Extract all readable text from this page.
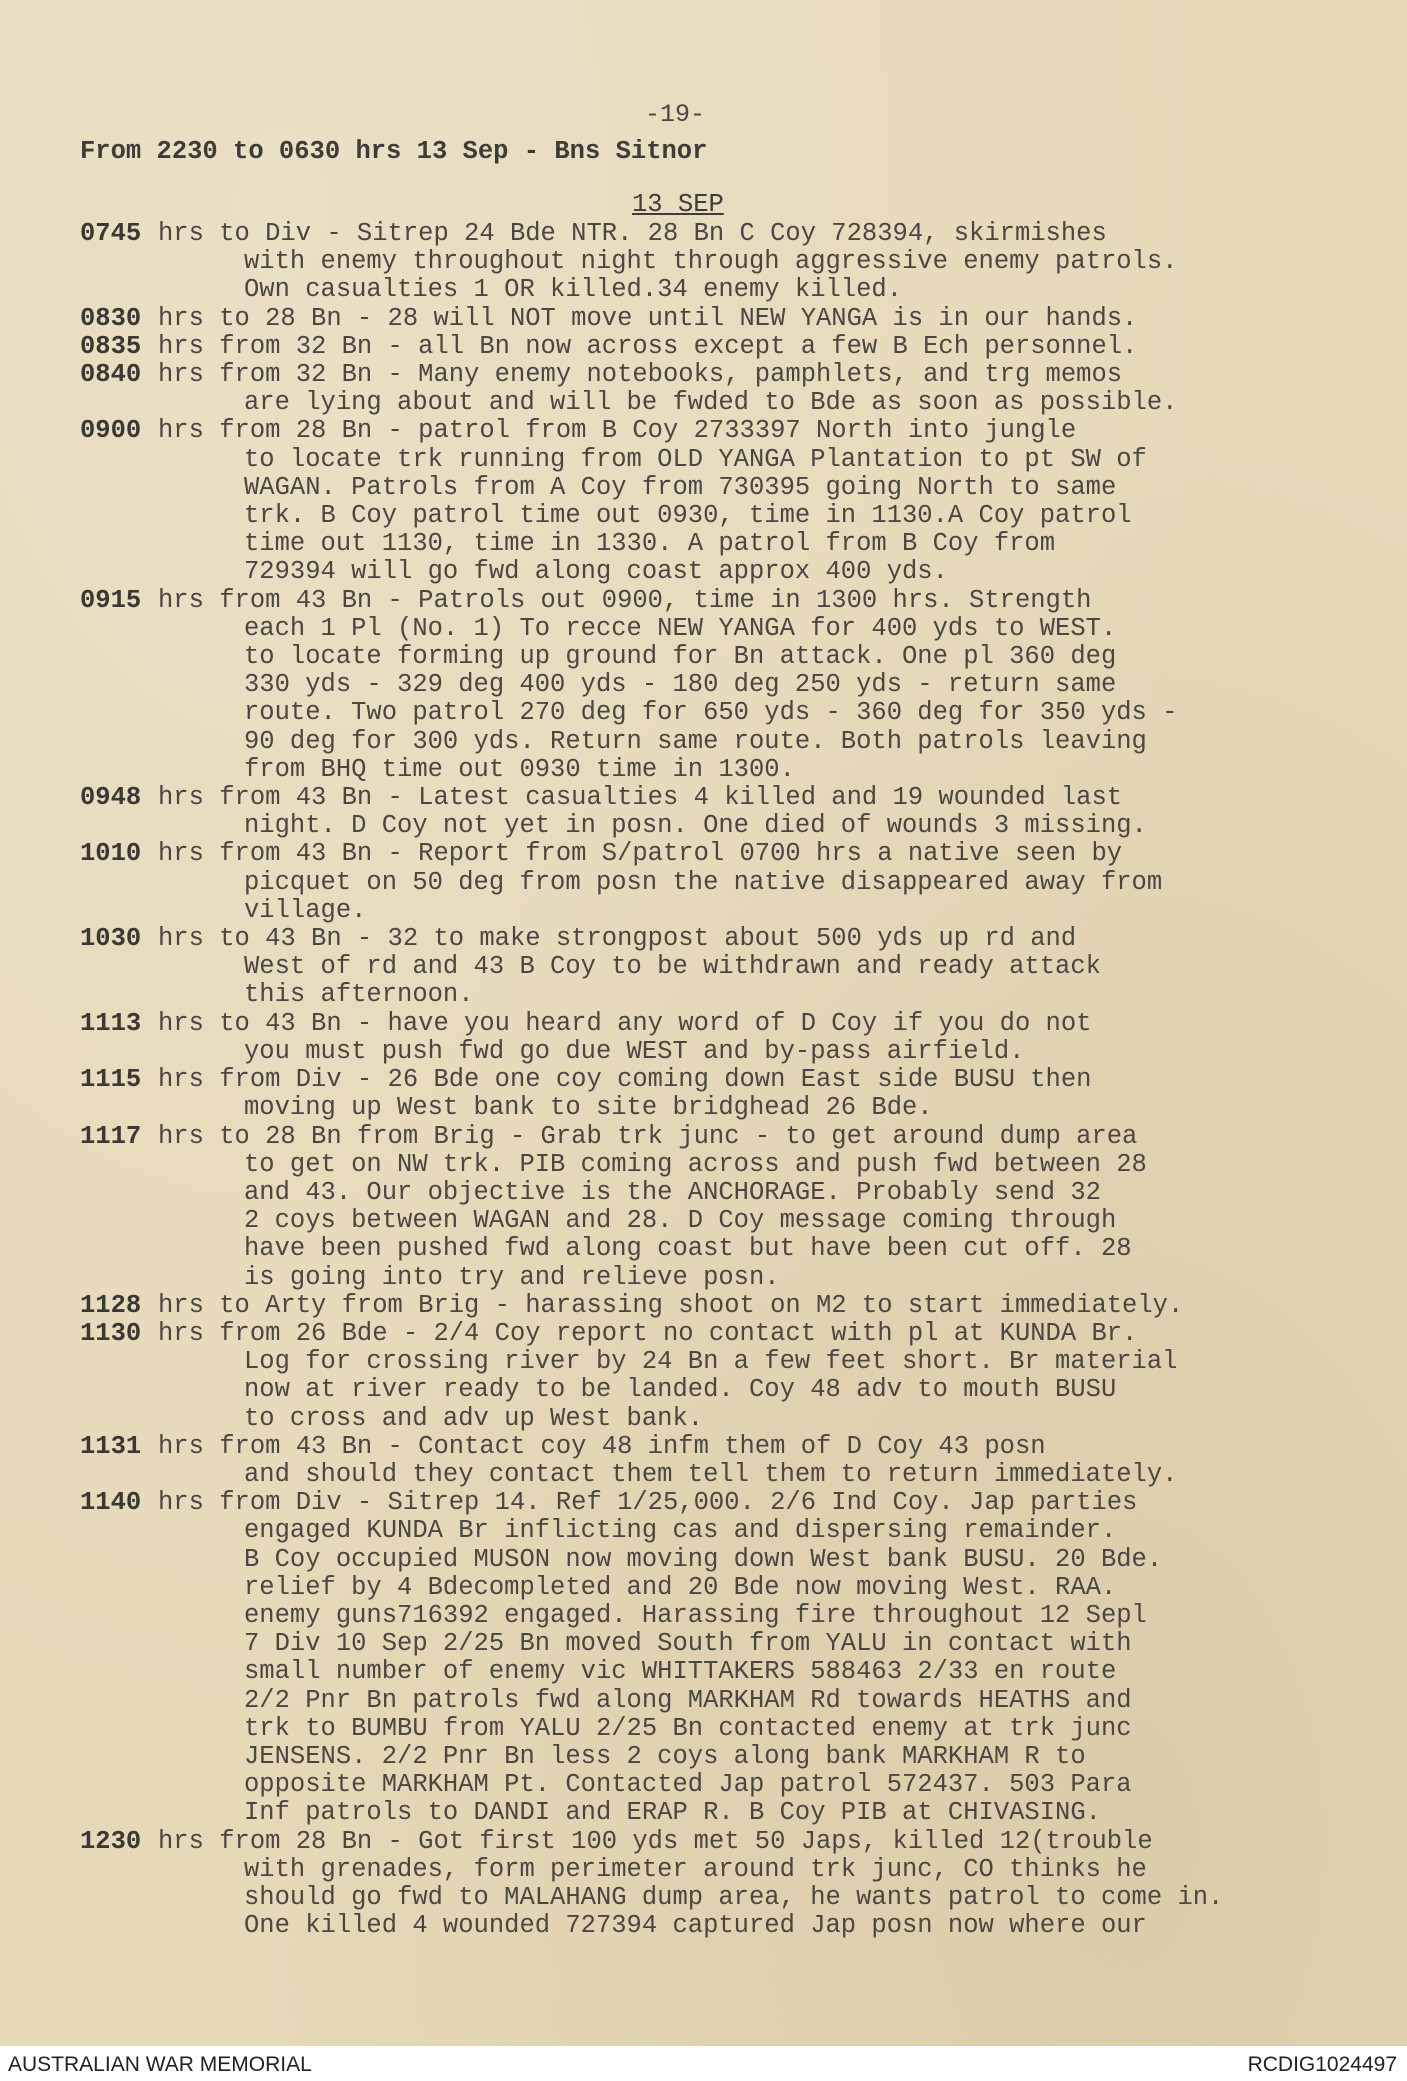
-19-
From 2230 to 0630 hrs 13 Sep - Bns Sitnor
13 SEP
0745 hrs to Div - Sitrep 24 Bde NTR. 28 Bn C Coy 728394, skirmishes
with enemy throughout night through aggressive enemy patrols.
Own casualties 1 OR killed.34 enemy killed.
0830 hrs to 28 Bn - 28 will NOT move until NEW YANGA is in our hands.
0835 hrs from 32 Bn - all Bn now across except a few B Ech personnel.
0840 hrs from 32 Bn - Many enemy notebooks, pamphlets, and trg memos
are lying about and will be fwded to Bde as soon as possible.
0900 hrs from 28 Bn - patrol from B Coy 2733397 North into jungle
to locate trk running from OLD YANGA Plantation to pt SW of
WAGAN. Patrols from A Coy from 730395 going North to same
trk. B Coy patrol time out 0930, time in 1130.A Coy patrol
time out 1130, time in 1330. A patrol from B Coy from
729394 will go fwd along coast approx 400 yds.
0915 hrs from 43 Bn - Patrols out 0900, time in 1300 hrs. Strength
each 1 Pl (No. 1) To recce NEW YANGA for 400 yds to WEST.
to locate forming up ground for Bn attack. One pl 360 deg
330 yds - 329 deg 400 yds - 180 deg 250 yds - return same
route. Two patrol 270 deg for 650 yds - 360 deg for 350 yds -
90 deg for 300 yds. Return same route. Both patrols leaving
from BHQ time out 0930 time in 1300.
0948 hrs from 43 Bn - Latest casualties 4 killed and 19 wounded last
night. D Coy not yet in posn. One died of wounds 3 missing.
1010 hrs from 43 Bn - Report from S/patrol 0700 hrs a native seen by
picquet on 50 deg from posn the native disappeared away from
village.
1030 hrs to 43 Bn - 32 to make strongpost about 500 yds up rd and
West of rd and 43 B Coy to be withdrawn and ready attack
this afternoon.
1113 hrs to 43 Bn - have you heard any word of D Coy if you do not
you must push fwd go due WEST and by-pass airfield.
1115 hrs from Div - 26 Bde one coy coming down East side BUSU then
moving up West bank to site bridghead 26 Bde.
1117 hrs to 28 Bn from Brig - Grab trk junc - to get around dump area
to get on NW trk. PIB coming across and push fwd between 28
and 43. Our objective is the ANCHORAGE. Probably send 32
2 coys between WAGAN and 28. D Coy message coming through
have been pushed fwd along coast but have been cut off. 28
is going into try and relieve posn.
1128 hrs to Arty from Brig - harassing shoot on M2 to start immediately.
1130 hrs from 26 Bde - 2/4 Coy report no contact with pl at KUNDA Br.
Log for crossing river by 24 Bn a few feet short. Br material
now at river ready to be landed. Coy 48 adv to mouth BUSU
to cross and adv up West bank.
1131 hrs from 43 Bn - Contact coy 48 infm them of D Coy 43 posn
and should they contact them tell them to return immediately.
1140 hrs from Div - Sitrep 14. Ref 1/25,000. 2/6 Ind Coy. Jap parties
engaged KUNDA Br inflicting cas and dispersing remainder.
B Coy occupied MUSON now moving down West bank BUSU. 20 Bde.
relief by 4 Bdecompleted and 20 Bde now moving West. RAA.
enemy guns716392 engaged. Harassing fire throughout 12 Sepl
7 Div 10 Sep 2/25 Bn moved South from YALU in contact with
small number of enemy vic WHITTAKERS 588463 2/33 en route
2/2 Pnr Bn patrols fwd along MARKHAM Rd towards HEATHS and
trk to BUMBU from YALU 2/25 Bn contacted enemy at trk junc
JENSENS. 2/2 Pnr Bn less 2 coys along bank MARKHAM R to
opposite MARKHAM Pt. Contacted Jap patrol 572437. 503 Para
Inf patrols to DANDI and ERAP R. B Coy PIB at CHIVASING.
1230 hrs from 28 Bn - Got first 100 yds met 50 Japs, killed 12(trouble
with grenades, form perimeter around trk junc, CO thinks he
should go fwd to MALAHANG dump area, he wants patrol to come in.
One killed 4 wounded 727394 captured Jap posn now where our
AUSTRALIAN WAR MEMORIAL	RCDIG1024497
